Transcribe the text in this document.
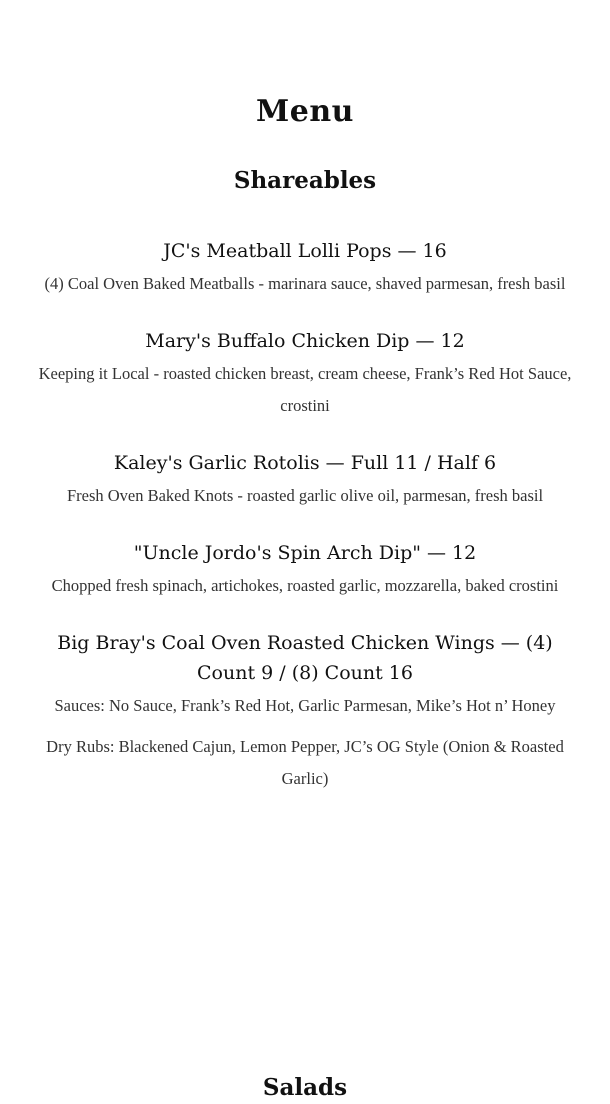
Menu
Shareables

JC's Meatball Lolli Pops — 16

(4) Coal Oven Baked Meatballs - marinara sauce, shaved parmesan, fresh basil

Mary's Buffalo Chicken Dip — 12

Keeping it Local - roasted chicken breast, cream cheese, Frank’s Red Hot Sauce, crostini

Kaley's Garlic Rotolis — Full 11 / Half 6

Fresh Oven Baked Knots - roasted garlic olive oil, parmesan, fresh basil

"Uncle Jordo's Spin Arch Dip" — 12

Chopped fresh spinach, artichokes, roasted garlic, mozzarella, baked crostini

Big Bray's Coal Oven Roasted Chicken Wings — (4) Count 9 / (8) Count 16

Sauces: No Sauce, Frank’s Red Hot, Garlic Parmesan, Mike’s Hot n’ Honey

Dry Rubs: Blackened Cajun, Lemon Pepper, JC’s OG Style (Onion & Roasted Garlic)

Salads
